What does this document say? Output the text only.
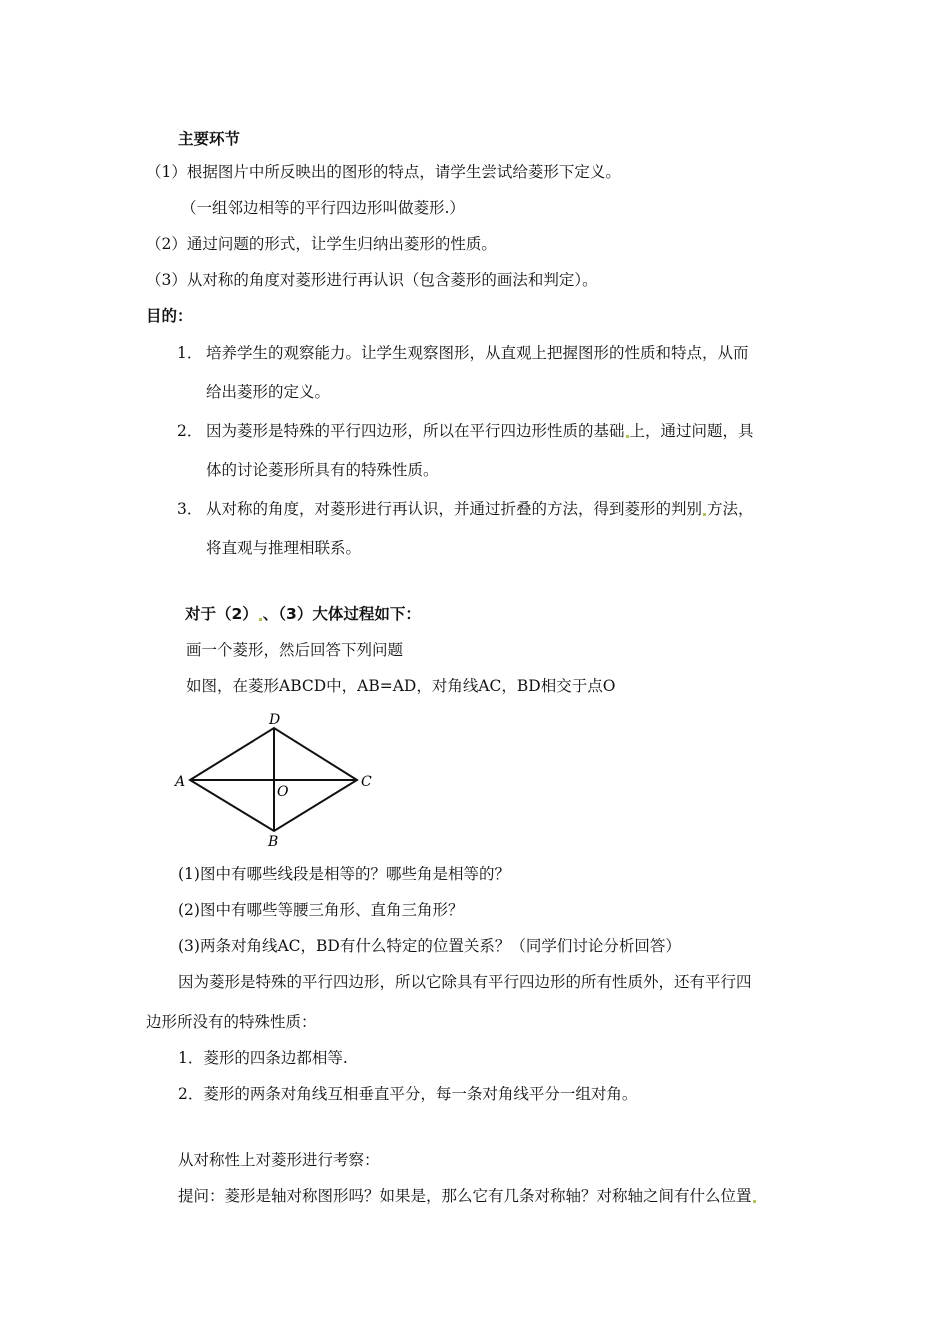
主要环节
（1）根据图片中所反映出的图形的特点，请学生尝试给菱形下定义。
（一组邻边相等的平行四边形叫做菱形.）
（2）通过问题的形式，让学生归纳出菱形的性质。
（3）从对称的角度对菱形进行再认识（包含菱形的画法和判定）。
目的：
1． 培养学生的观察能力。让学生观察图形，从直观上把握图形的性质和特点，从而
给出菱形的定义。
2． 因为菱形是特殊的平行四边形，所以在平行四边形性质的基础 上，通过问题，具
体的讨论菱形所具有的特殊性质。
3． 从对称的角度，对菱形进行再认识，并通过折叠的方法，得到菱形的判别 方法，
将直观与推理相联系。
对于（2） 、（3）大体过程如下：
画一个菱形，然后回答下列问题
如图，在菱形ABCD中，AB=AD，对角线AC，BD相交于点O
D
A	C
O
B
(1)图中有哪些线段是相等的？哪些角是相等的？
(2)图中有哪些等腰三角形、直角三角形？
(3)两条对角线AC，BD有什么特定的位置关系？（同学们讨论分析回答）
因为菱形是特殊的平行四边形，所以它除具有平行四边形的所有性质外，还有平行四
边形所没有的特殊性质：
1．菱形的四条边都相等.
2．菱形的两条对角线互相垂直平分，每一条对角线平分一组对角。
从对称性上对菱形进行考察：
提问：菱形是轴对称图形吗？如果是，那么它有几条对称轴？对称轴之间有什么位置
